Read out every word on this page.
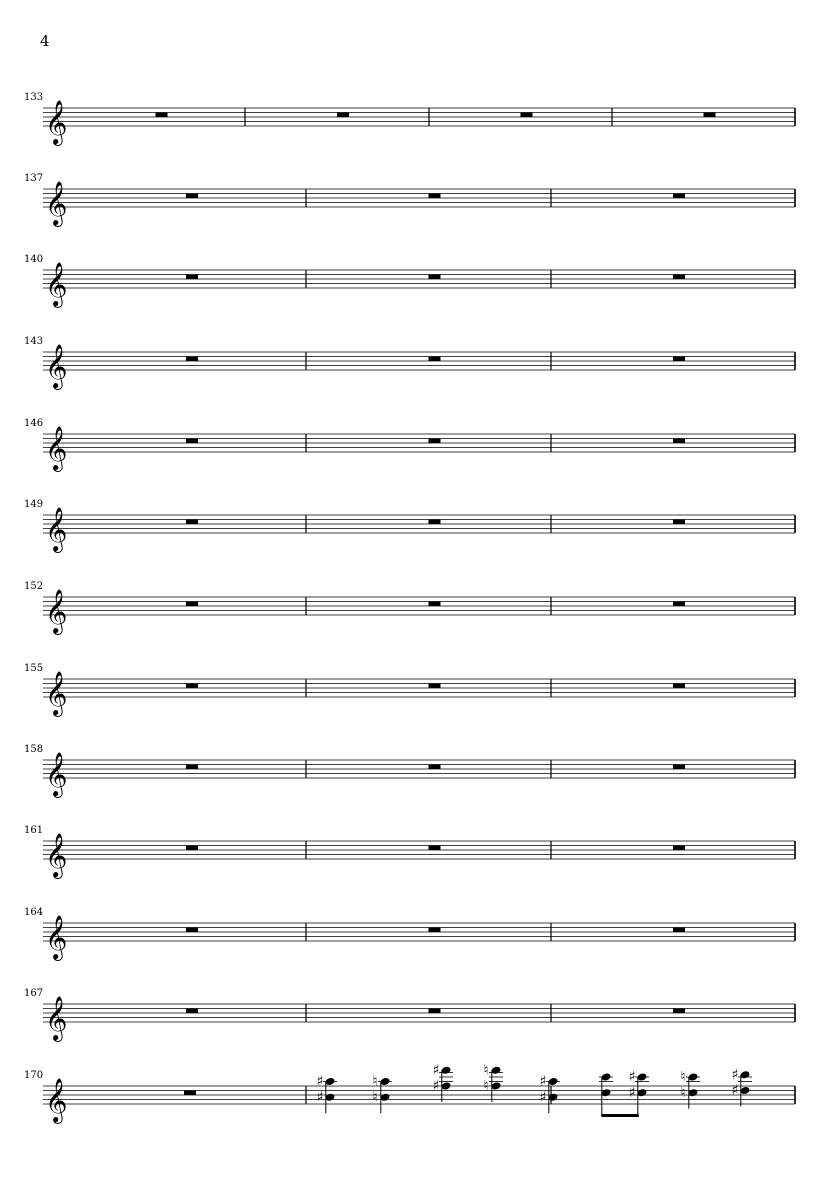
4
133
𝄞
137
𝄞
140
𝄞
143
𝄞
146
𝄞
149
𝄞
152
𝄞
155
𝄞
158
𝄞
161
𝄞
164
𝄞
167
𝄞
170
𝄞	♯
♯
♮
♮	♯
♯
♮
♮
♯
♯
♯
♯
♮
♮
♯
♯
